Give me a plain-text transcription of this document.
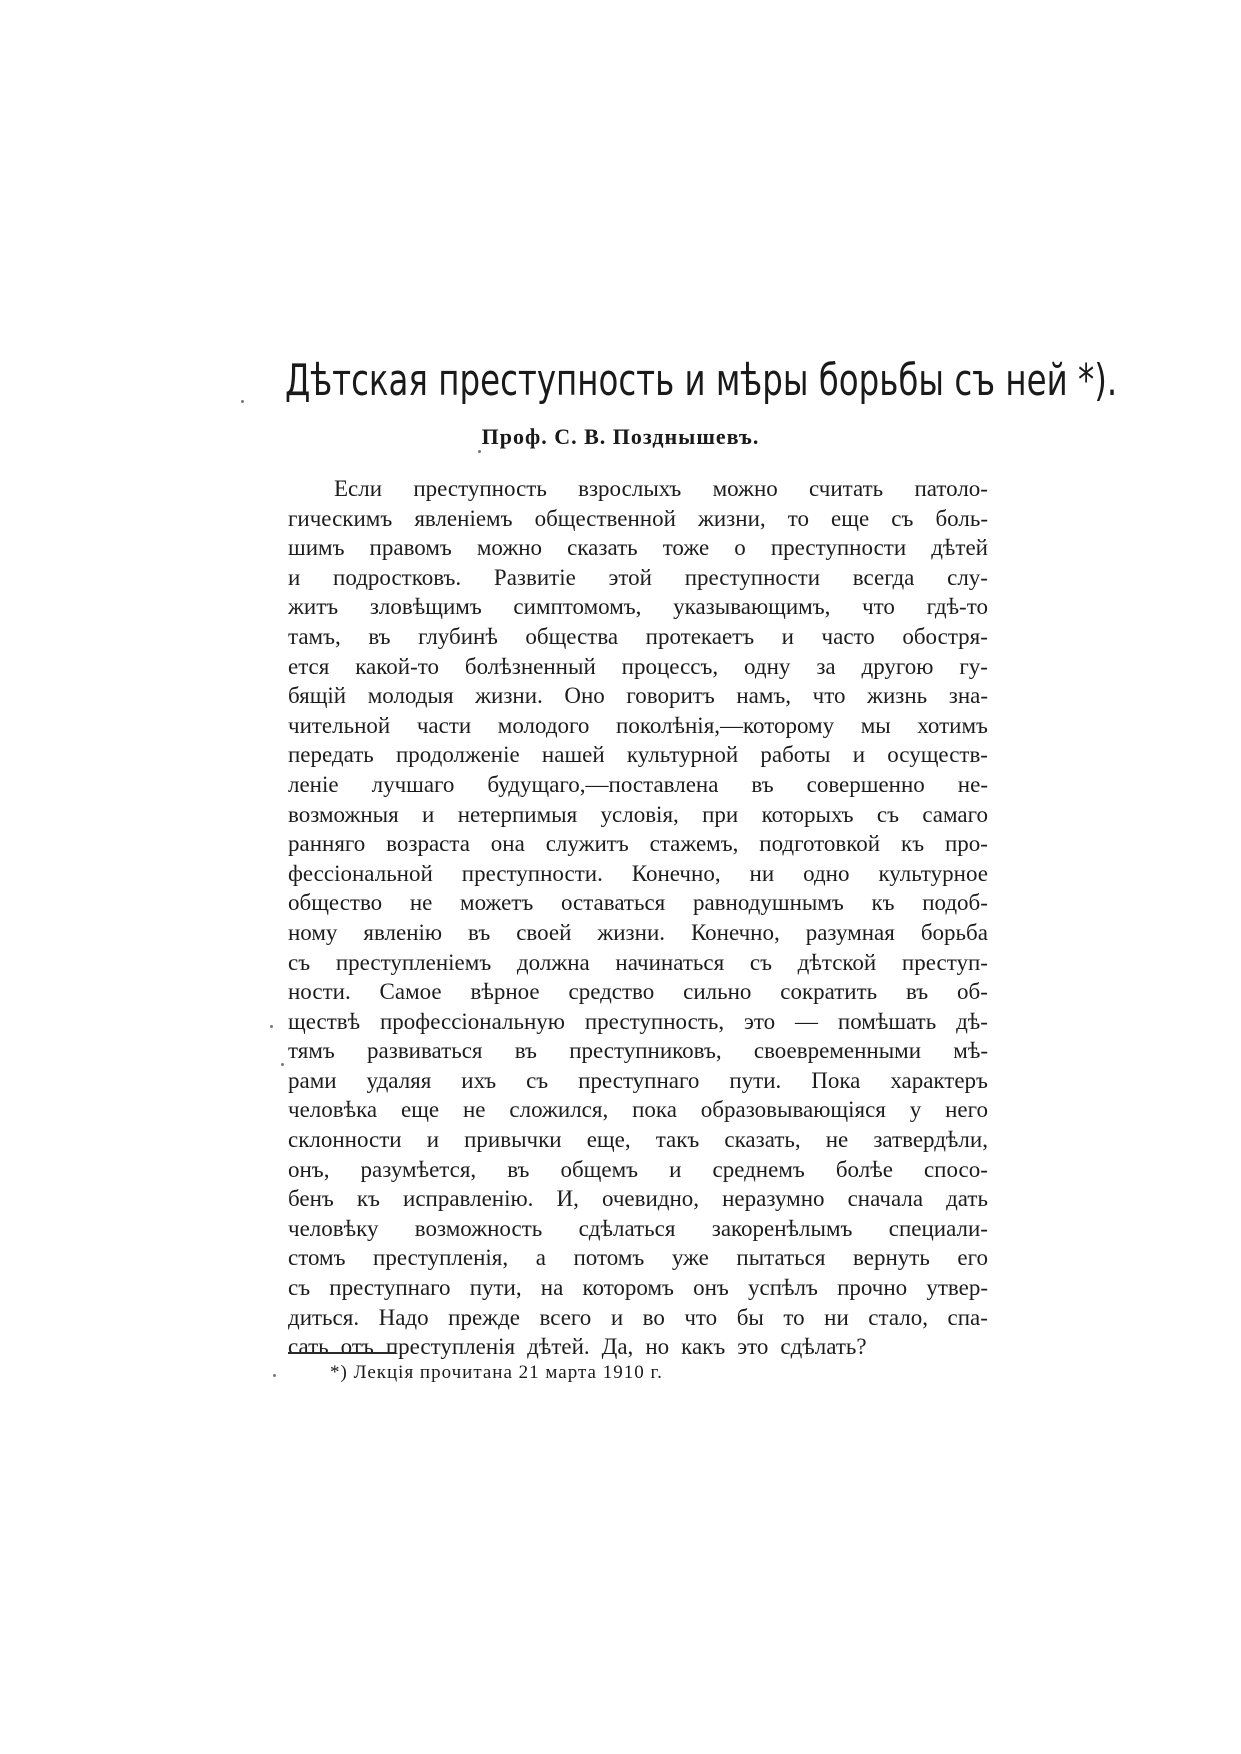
Дѣтская преступность и мѣры борьбы съ ней *).
Проф. С. В. Позднышевъ.
Если преступность взрослыхъ можно считать патоло-
гическимъ явленіемъ общественной жизни, то еще съ боль-
шимъ правомъ можно сказать тоже о преступности дѣтей
и подростковъ. Развитіе этой преступности всегда слу-
житъ зловѣщимъ симптомомъ, указывающимъ, что гдѣ-то
тамъ, въ глубинѣ общества протекаетъ и часто обостря-
ется какой-то болѣзненный процессъ, одну за другою гу-
бящій молодыя жизни. Оно говоритъ намъ, что жизнь зна-
чительной части молодого поколѣнія,—которому мы хотимъ
передать продолженіе нашей культурной работы и осуществ-
леніе лучшаго будущаго,—поставлена въ совершенно не-
возможныя и нетерпимыя условія, при которыхъ съ самаго
ранняго возраста она служитъ стажемъ, подготовкой къ про-
фессіональной преступности. Конечно, ни одно культурное
общество не можетъ оставаться равнодушнымъ къ подоб-
ному явленію въ своей жизни. Конечно, разумная борьба
съ преступленіемъ должна начинаться съ дѣтской преступ-
ности. Самое вѣрное средство сильно сократить въ об-
ществѣ профессіональную преступность, это — помѣшать дѣ-
тямъ развиваться въ преступниковъ, своевременными мѣ-
рами удаляя ихъ съ преступнаго пути. Пока характеръ
человѣка еще не сложился, пока образовывающіяся у него
склонности и привычки еще, такъ сказать, не затвердѣли,
онъ, разумѣется, въ общемъ и среднемъ болѣе спосо-
бенъ къ исправленію. И, очевидно, неразумно сначала дать
человѣку возможность сдѣлаться закоренѣлымъ специали-
стомъ преступленія, а потомъ уже пытаться вернуть его
съ преступнаго пути, на которомъ онъ успѣлъ прочно утвер-
диться. Надо прежде всего и во что бы то ни стало, спа-
сать отъ преступленія дѣтей. Да, но какъ это сдѣлать?
*) Лекція прочитана 21 марта 1910 г.
